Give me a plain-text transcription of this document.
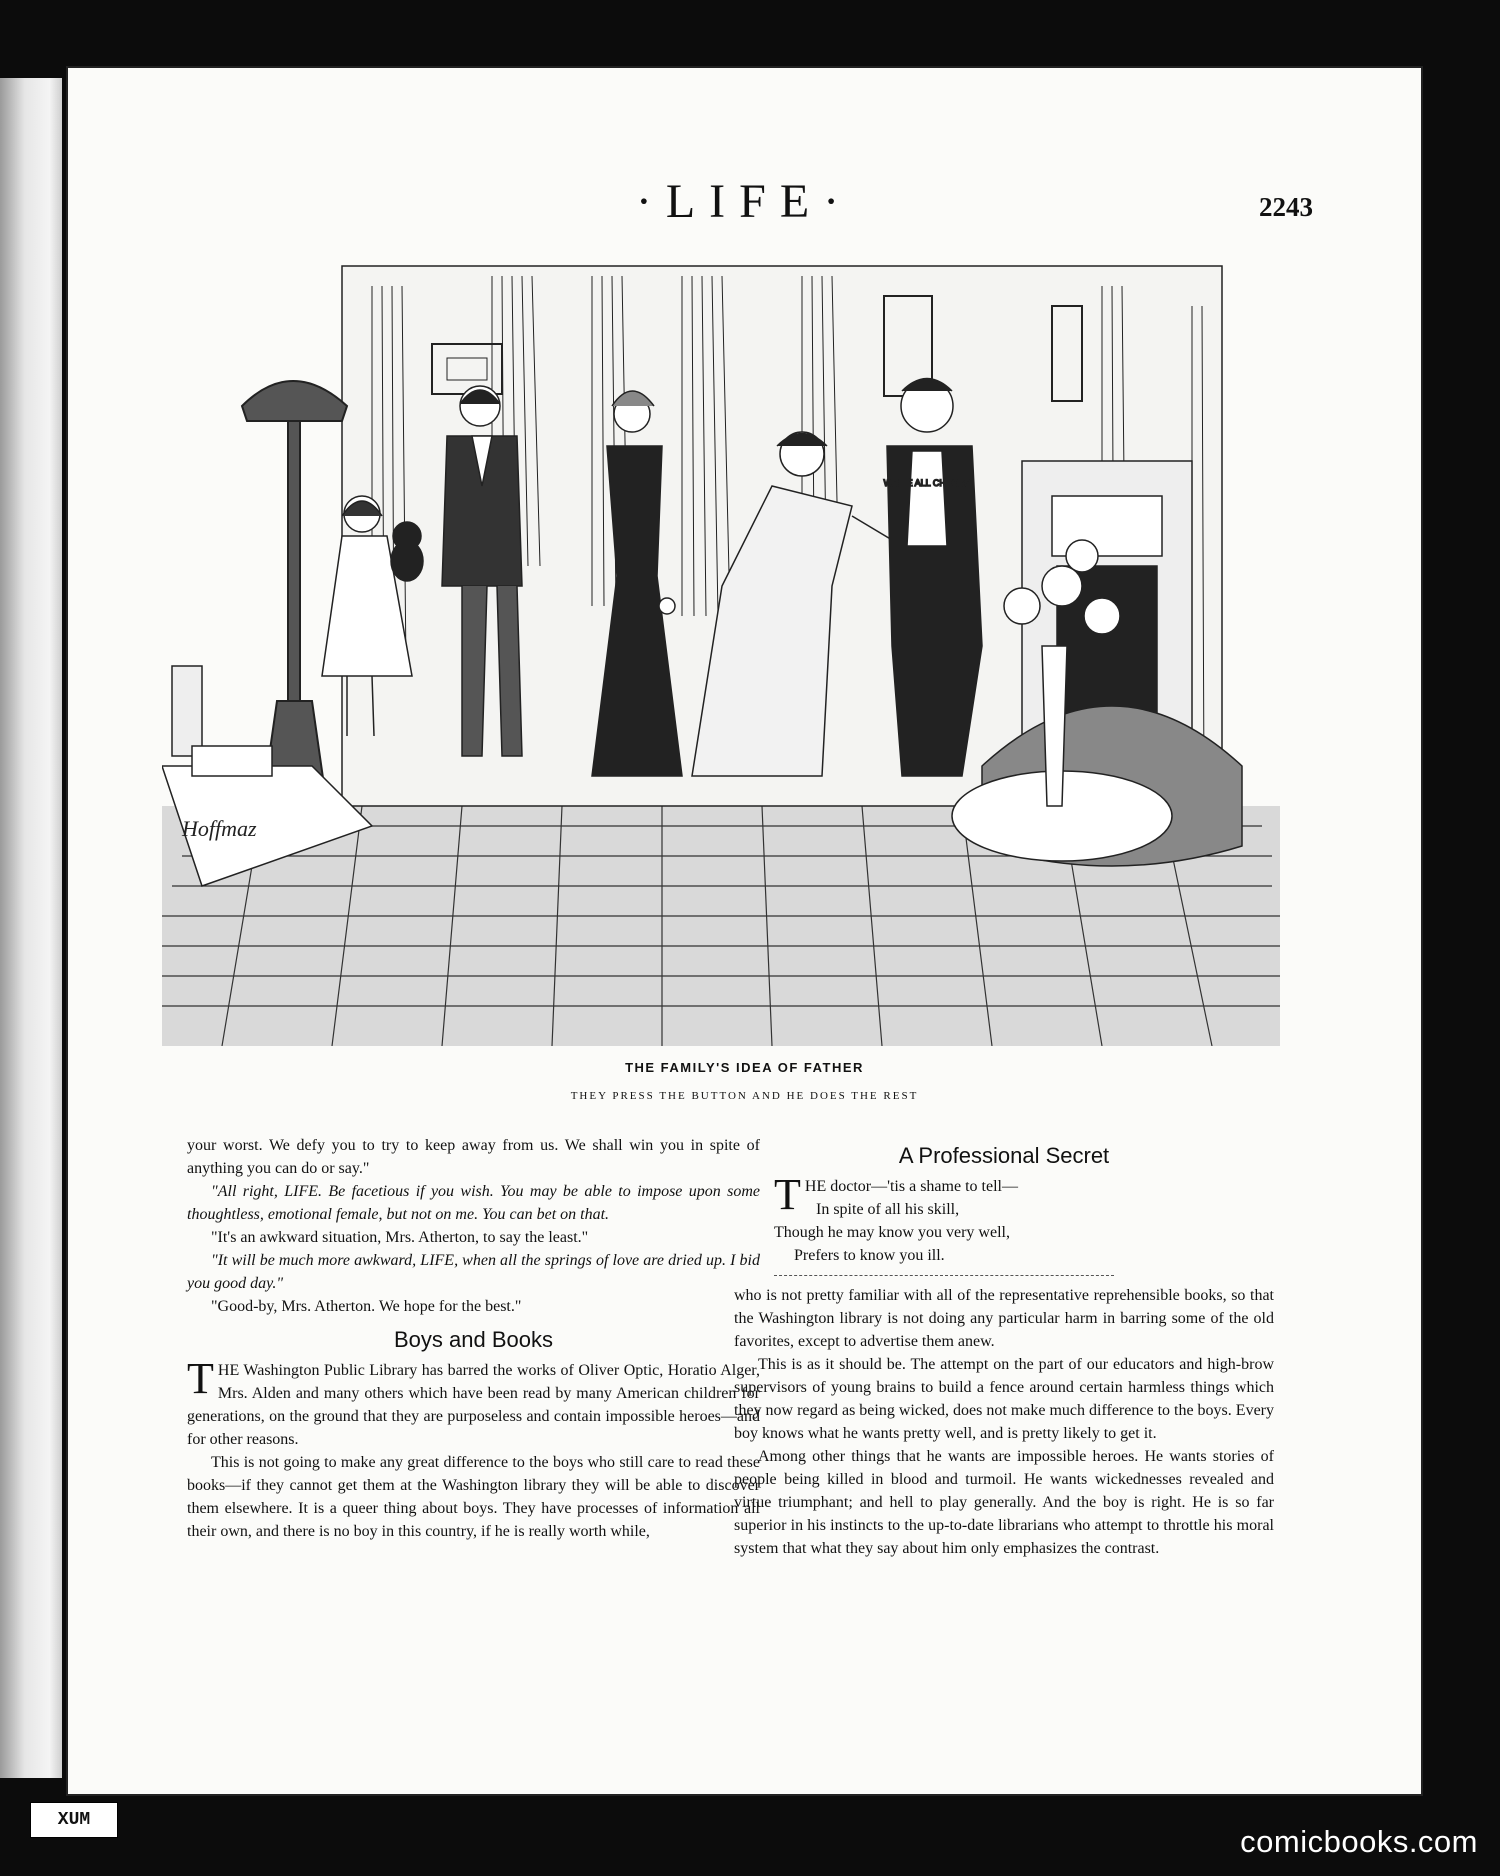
·LIFE·	2243
WRITE ALL CHECKS
Hoffmaz
THE FAMILY'S IDEA OF FATHER
THEY PRESS THE BUTTON AND HE DOES THE REST

your worst. We defy you to try to keep away from us. We shall win you in spite of anything you can do or say."

"All right, LIFE. Be facetious if you wish. You may be able to impose upon some thoughtless, emotional female, but not on me. You can bet on that.

"It's an awkward situation, Mrs. Atherton, to say the least."

"It will be much more awkward, LIFE, when all the springs of love are dried up. I bid you good day."

"Good-by, Mrs. Atherton. We hope for the best."

Boys and Books

THE Washington Public Library has barred the works of Oliver Optic, Horatio Alger, Mrs. Alden and many others which have been read by many American children for generations, on the ground that they are purposeless and contain impossible heroes—and for other reasons.

This is not going to make any great difference to the boys who still care to read these books—if they cannot get them at the Washington library they will be able to discover them elsewhere. It is a queer thing about boys. They have processes of information all their own, and there is no boy in this country, if he is really worth while,

A Professional Secret
THE doctor—'tis a shame to tell—
In spite of all his skill,
Though he may know you very well,
Prefers to know you ill.

who is not pretty familiar with all of the representative reprehensible books, so that the Washington library is not doing any particular harm in barring some of the old favorites, except to advertise them anew.

This is as it should be. The attempt on the part of our educators and high-brow supervisors of young brains to build a fence around certain harmless things which they now regard as being wicked, does not make much difference to the boys. Every boy knows what he wants pretty well, and is pretty likely to get it.

Among other things that he wants are impossible heroes. He wants stories of people being killed in blood and turmoil. He wants wickednesses revealed and virtue triumphant; and hell to play generally. And the boy is right. He is so far superior in his instincts to the up-to-date librarians who attempt to throttle his moral system that what they say about him only emphasizes the contrast.

XUM
comicbooks.com
